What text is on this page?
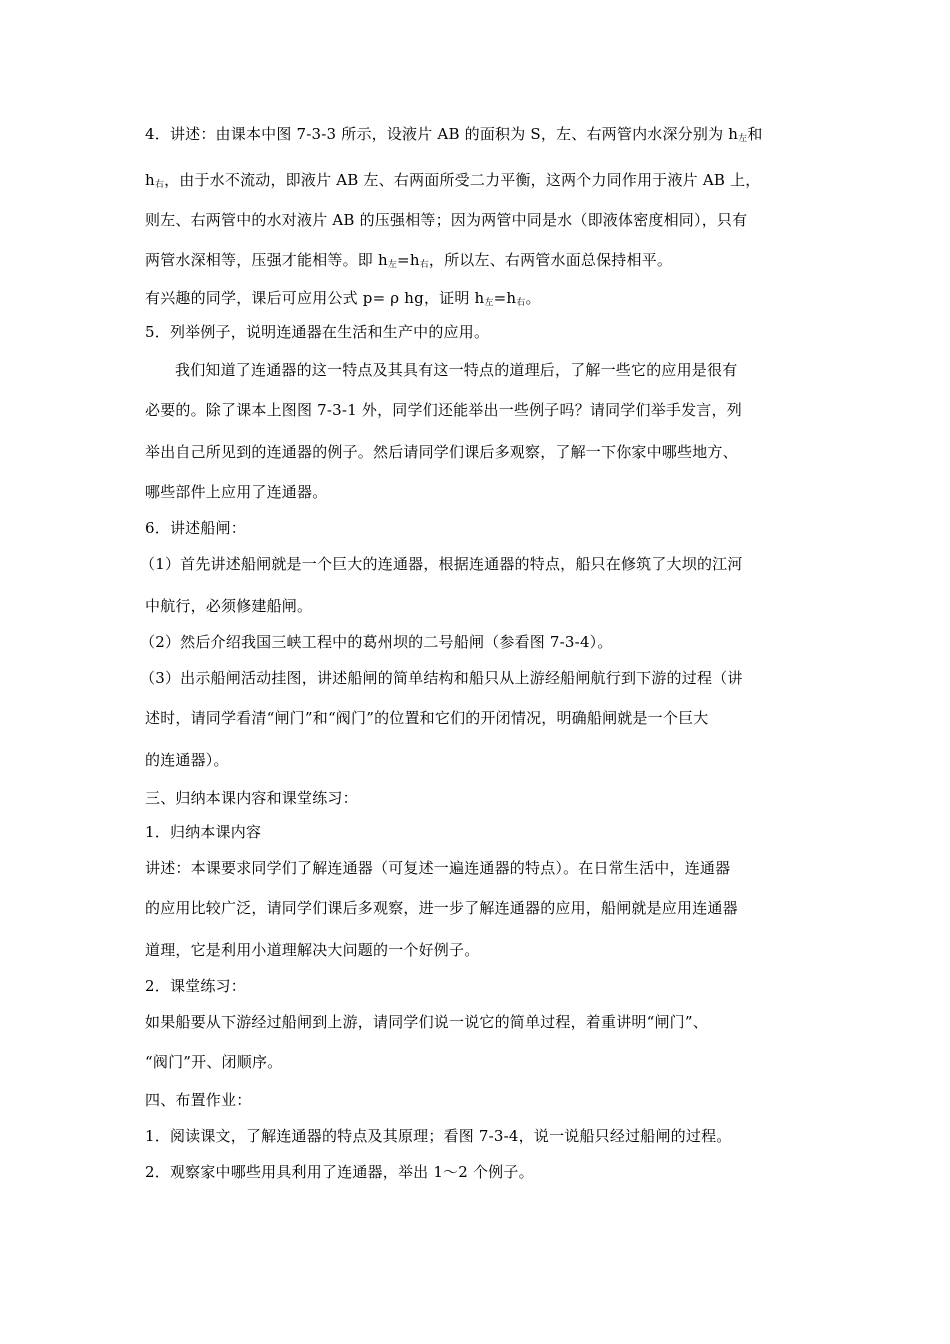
4．讲述：由课本中图 7-3-3 所示，设液片 AB 的面积为 S，左、右两管内水深分别为 $h_左$和
$h_右$，由于水不流动，即液片 AB 左、右两面所受二力平衡，这两个力同作用于液片 AB 上，
则左、右两管中的水对液片 AB 的压强相等；因为两管中同是水（即液体密度相同），只有
两管水深相等，压强才能相等。即 $h_左=h_右$，所以左、右两管水面总保持相平。
有兴趣的同学，课后可应用公式 p= ρ hg，证明 $h_左=h_右$。
5．列举例子，说明连通器在生活和生产中的应用。
我们知道了连通器的这一特点及其具有这一特点的道理后，了解一些它的应用是很有
必要的。除了课本上图图 7-3-1 外，同学们还能举出一些例子吗？请同学们举手发言，列
举出自己所见到的连通器的例子。然后请同学们课后多观察，了解一下你家中哪些地方、
哪些部件上应用了连通器。
6．讲述船闸：
（1）首先讲述船闸就是一个巨大的连通器，根据连通器的特点，船只在修筑了大坝的江河
中航行，必须修建船闸。
（2）然后介绍我国三峡工程中的葛州坝的二号船闸（参看图 7-3-4）。
（3）出示船闸活动挂图，讲述船闸的简单结构和船只从上游经船闸航行到下游的过程（讲
述时，请同学看清“闸门”和“阀门”的位置和它们的开闭情况，明确船闸就是一个巨大
的连通器）。
三、归纳本课内容和课堂练习：
1．归纳本课内容
讲述：本课要求同学们了解连通器（可复述一遍连通器的特点）。在日常生活中，连通器
的应用比较广泛，请同学们课后多观察，进一步了解连通器的应用，船闸就是应用连通器
道理，它是利用小道理解决大问题的一个好例子。
2．课堂练习：
如果船要从下游经过船闸到上游，请同学们说一说它的简单过程，着重讲明“闸门”、
“阀门”开、闭顺序。
四、布置作业：
1．阅读课文，了解连通器的特点及其原理；看图 7-3-4，说一说船只经过船闸的过程。
2．观察家中哪些用具利用了连通器，举出 1～2 个例子。
